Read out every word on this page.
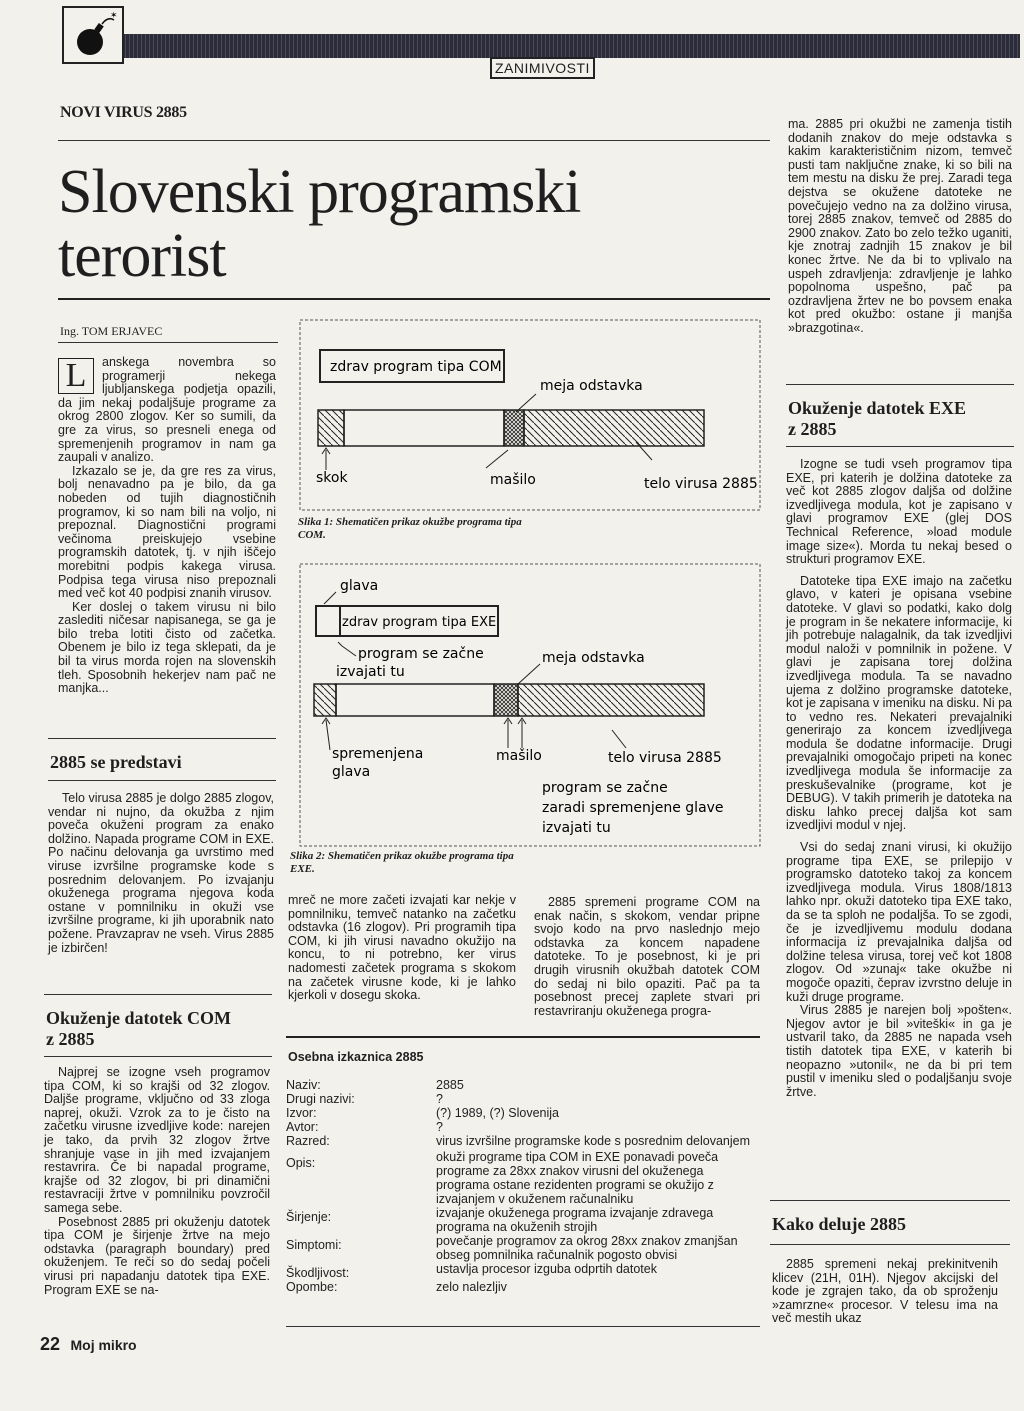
✶
ZANIMIVOSTI
NOVI VIRUS 2885
Slovenski programski
terorist
Ing. TOM ERJAVEC
L	anskega novembra so programerji nekega ljubljanskega podjetja opazili, da jim nekaj podaljšuje programe za okrog 2800 zlogov. Ker so sumili, da gre za virus, so presneli enega od spremenjenih programov in nam ga zaupali v analizo.

Izkazalo se je, da gre res za virus, bolj nenavadno pa je bilo, da ga nobeden od tujih diagnostičnih programov, ki so nam bili na voljo, ni prepoznal. Diagnostični programi večinoma preiskujejo vsebine programskih datotek, tj. v njih iščejo morebitni podpis kakega virusa. Podpisa tega virusa niso prepoznali med več kot 40 podpisi znanih virusov.

Ker doslej o takem virusu ni bilo zaslediti ničesar napisanega, se ga je bilo treba lotiti čisto od začetka. Obenem je bilo iz tega sklepati, da je bil ta virus morda rojen na slovenskih tleh. Sposobnih hekerjev nam pač ne manjka...

2885 se predstavi

Telo virusa 2885 je dolgo 2885 zlogov, vendar ni nujno, da okužba z njim poveča okuženi program za enako dolžino. Napada programe COM in EXE. Po načinu delovanja ga uvrstimo med viruse izvršilne programske kode s posrednim delovanjem. Po izvajanju okuženega programa njegova koda ostane v pomnilniku in okuži vse izvršilne programe, ki jih uporabnik nato požene. Pravzaprav ne vseh. Virus 2885 je izbirčen!

Okuženje datotek COM
z 2885

Najprej se izogne vseh programov tipa COM, ki so krajši od 32 zlogov. Daljše programe, vključno od 33 zloga naprej, okuži. Vzrok za to je čisto na začetku virusne izvedljive kode: narejen je tako, da prvih 32 zlogov žrtve shranjuje vase in jih med izvajanjem restavrira. Če bi napadal programe, krajše od 32 zlogov, bi pri dinamični restavraciji žrtve v pomnilniku povzročil samega sebe.

Posebnost 2885 pri okuženju datotek tipa COM je širjenje žrtve na mejo odstavka (paragraph boundary) pred okuženjem. Te reči so do sedaj počeli virusi pri napadanju datotek tipa EXE. Program EXE se na-

22 Moj mikro
zdrav program tipa COM
meja odstavka
skok	mašilo	telo virusa 2885
Slika 1: Shematičen prikaz okužbe programa tipa COM.
glava
zdrav program tipa EXE
program se začne
izvajati tu
meja odstavka
spremenjena
glava
mašilo	telo virusa 2885
program se začne
zaradi spremenjene glave
izvajati tu
Slika 2: Shematičen prikaz okužbe programa tipa EXE.

mreč ne more začeti izvajati kar nekje v pomnilniku, temveč natanko na začetku odstavka (16 zlogov). Pri programih tipa COM, ki jih virusi navadno okužijo na koncu, to ni potrebno, ker virus nadomesti začetek programa s skokom na začetek virusne kode, ki je lahko kjerkoli v dosegu skoka.

2885 spremeni programe COM na enak način, s skokom, vendar pripne svojo kodo na prvo naslednjo mejo odstavka za koncem napadene datoteke. To je posebnost, ki je pri drugih virusnih okužbah datotek COM do sedaj ni bilo opaziti. Pač pa ta posebnost precej zaplete stvari pri restavriranju okuženega progra-

Osebna izkaznica 2885
Naziv:	2885
Drugi nazivi:	?
Izvor:	(?) 1989, (?) Slovenija
Avtor:	?
Razred:	virus izvršilne programske kode s posrednim delovanjem
Opis:	okuži programe tipa COM in EXE ponavadi poveča programe za 28xx znakov virusni del okuženega programa ostane rezidenten programi se okužijo z izvajanjem v okuženem računalniku
Širjenje:	izvajanje okuženega programa izvajanje zdravega programa na okuženih strojih
Simptomi:	povečanje programov za okrog 28xx znakov zmanjšan obseg pomnilnika računalnik pogosto obvisi
Škodljivost:	ustavlja procesor izguba odprtih datotek
Opombe:	zelo nalezljiv

ma. 2885 pri okužbi ne zamenja tistih dodanih znakov do meje odstavka s kakim karakterističnim nizom, temveč pusti tam naključne znake, ki so bili na tem mestu na disku že prej. Zaradi tega dejstva se okužene datoteke ne povečujejo vedno na za dolžino virusa, torej 2885 znakov, temveč od 2885 do 2900 znakov. Zato bo zelo težko uganiti, kje znotraj zadnjih 15 znakov je bil konec žrtve. Ne da bi to vplivalo na uspeh zdravljenja: zdravljenje je lahko popolnoma uspešno, pač pa ozdravljena žrtev ne bo povsem enaka kot pred okužbo: ostane ji manjša »brazgotina«.

Okuženje datotek EXE
z 2885

Izogne se tudi vseh programov tipa EXE, pri katerih je dolžina datoteke za več kot 2885 zlogov daljša od dolžine izvedljivega modula, kot je zapisano v glavi programov EXE (glej DOS Technical Reference, »load module image size«). Morda tu nekaj besed o strukturi programov EXE.

Datoteke tipa EXE imajo na začetku glavo, v kateri je opisana vsebine datoteke. V glavi so podatki, kako dolg je program in še nekatere informacije, ki jih potrebuje nalagalnik, da tak izvedljivi modul naloži v pomnilnik in požene. V glavi je zapisana torej dolžina izvedljivega modula. Ta se navadno ujema z dolžino programske datoteke, kot je zapisana v imeniku na disku. Ni pa to vedno res. Nekateri prevajalniki generirajo za koncem izvedljivega modula še dodatne informacije. Drugi prevajalniki omogočajo pripeti na konec izvedljivega modula še informacije za preskuševalnike (programe, kot je DEBUG). V takih primerih je datoteka na disku lahko precej daljša kot sam izvedljivi modul v njej.

Vsi do sedaj znani virusi, ki okužijo programe tipa EXE, se prilepijo v programsko datoteko takoj za koncem izvedljivega modula. Virus 1808/1813 lahko npr. okuži datoteko tipa EXE tako, da se ta sploh ne podaljša. To se zgodi, če je izvedljivemu modulu dodana informacija iz prevajalnika daljša od dolžine telesa virusa, torej več kot 1808 zlogov. Od »zunaj« take okužbe ni mogoče opaziti, čeprav izvrstno deluje in kuži druge programe.

Virus 2885 je narejen bolj »pošten«. Njegov avtor je bil »viteški« in ga je ustvaril tako, da 2885 ne napada vseh tistih datotek tipa EXE, v katerih bi neopazno »utonil«, ne da bi pri tem pustil v imeniku sled o podaljšanju svoje žrtve.

Kako deluje 2885

2885 spremeni nekaj prekinitvenih klicev (21H, 01H). Njegov akcijski del kode je zgrajen tako, da ob sproženju »zamrzne« procesor. V telesu ima na več mestih ukaz
